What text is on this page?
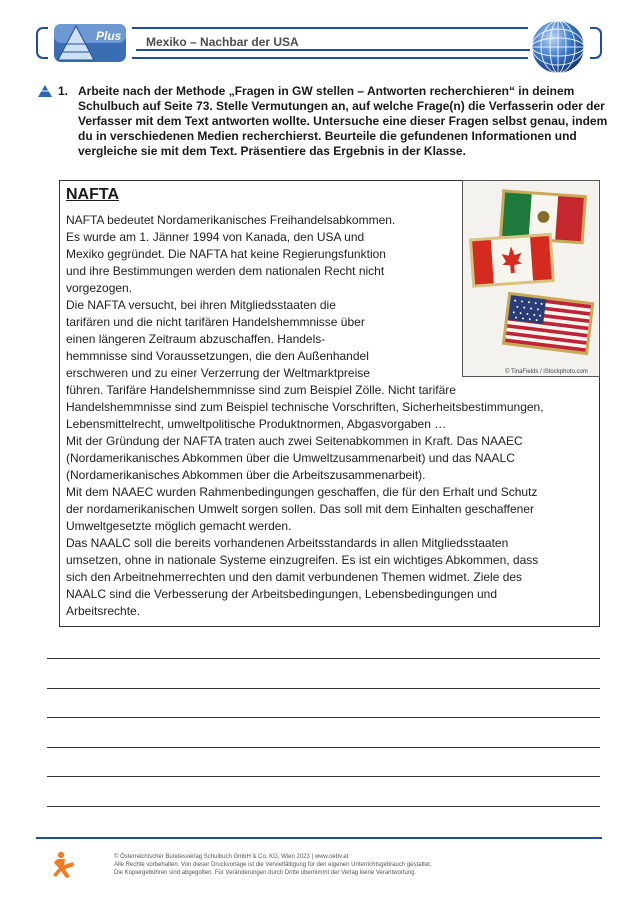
Plus Mexiko – Nachbar der USA
1. Arbeite nach der Methode „Fragen in GW stellen – Antworten recherchieren“ in deinem Schulbuch auf Seite 73. Stelle Vermutungen an, auf welche Frage(n) die Verfasserin oder der Verfasser mit dem Text antworten wollte. Untersuche eine dieser Fragen selbst genau, indem du in verschiedenen Medien recherchierst. Beurteile die gefundenen Informationen und vergleiche sie mit dem Text. Präsentiere das Ergebnis in der Klasse.
NAFTA
NAFTA bedeutet Nordamerikanisches Freihandelsabkommen.
Es wurde am 1. Jänner 1994 von Kanada, den USA und
Mexiko gegründet. Die NAFTA hat keine Regierungsfunktion
und ihre Bestimmungen werden dem nationalen Recht nicht
vorgezogen.
Die NAFTA versucht, bei ihren Mitgliedsstaaten die
tarifären und die nicht tarifären Handelshemmnisse über
einen längeren Zeitraum abzuschaffen. Handels-
hemmnisse sind Voraussetzungen, die den Außenhandel
erschweren und zu einer Verzerrung der Weltmarktpreise
führen. Tarifäre Handelshemmnisse sind zum Beispiel Zölle. Nicht tarifäre
Handelshemmnisse sind zum Beispiel technische Vorschriften, Sicherheitsbestimmungen,
Lebensmittelrecht, umweltpolitische Produktnormen, Abgasvorgaben …
Mit der Gründung der NAFTA traten auch zwei Seitenabkommen in Kraft. Das NAAEC
(Nordamerikanisches Abkommen über die Umweltzusammenarbeit) und das NAALC
(Nordamerikanisches Abkommen über die Arbeitszusammenarbeit).
Mit dem NAAEC wurden Rahmenbedingungen geschaffen, die für den Erhalt und Schutz
der nordamerikanischen Umwelt sorgen sollen. Das soll mit dem Einhalten geschaffener
Umweltgesetzte möglich gemacht werden.
Das NAALC soll die bereits vorhandenen Arbeitsstandards in allen Mitgliedsstaaten
umsetzen, ohne in nationale Systeme einzugreifen. Es ist ein wichtiges Abkommen, dass
sich den Arbeitnehmerrechten und den damit verbundenen Themen widmet. Ziele des
NAALC sind die Verbesserung der Arbeitsbedingungen, Lebensbedingungen und
Arbeitsrechte.
© TinaFields / iStockphoto.com
© Österreichischer Bundesverlag Schulbuch GmbH & Co. KG, Wien 2023 | www.oebv.at
Alle Rechte vorbehalten. Von dieser Druckvorlage ist die Vervielfältigung für den eigenen Unterrichtsgebrauch gestattet.
Die Kopiergebühren sind abgegolten. Für Veränderungen durch Dritte übernimmt der Verlag keine Verantwortung.
